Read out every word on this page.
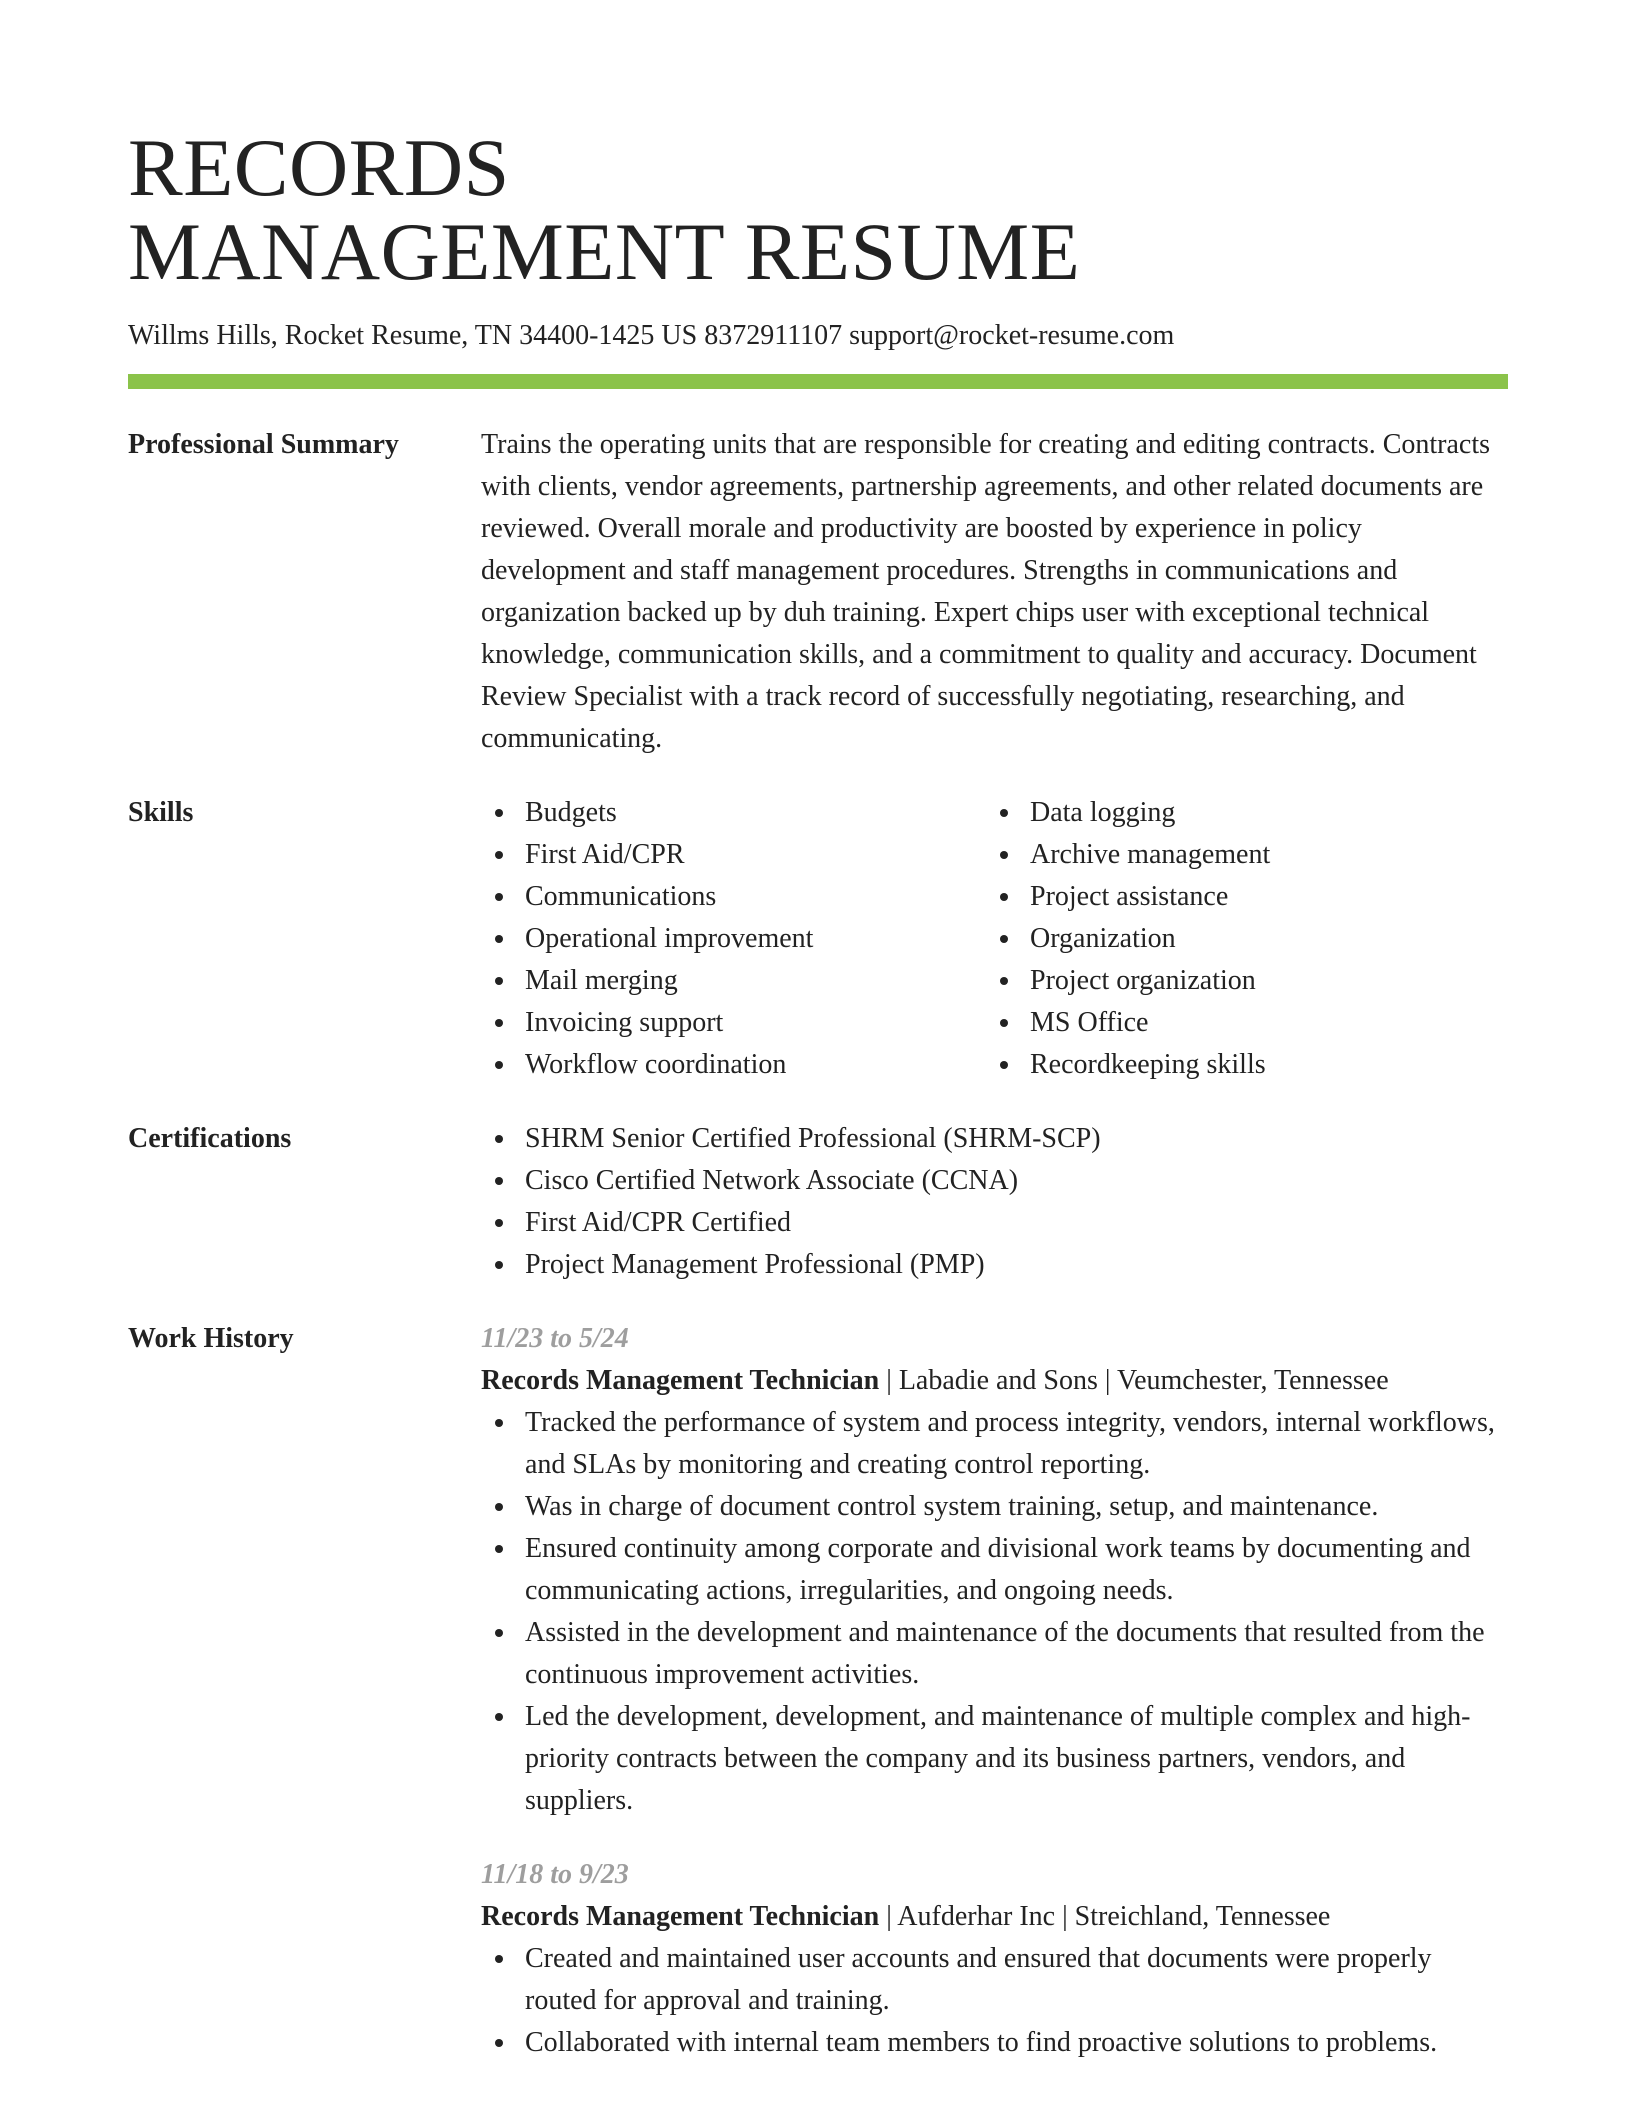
RECORDS
MANAGEMENT RESUME
Willms Hills, Rocket Resume, TN 34400-1425 US 8372911107 support@rocket-resume.com
Professional Summary	Trains the operating units that are responsible for creating and editing contracts. Contracts with clients, vendor agreements, partnership agreements, and other related documents are reviewed. Overall morale and productivity are boosted by experience in policy development and staff management procedures. Strengths in communications and organization backed up by duh training. Expert chips user with exceptional technical knowledge, communication skills, and a commitment to quality and accuracy. Document Review Specialist with a track record of successfully negotiating, researching, and communicating.
Skills	Budgets
First Aid/CPR
Communications
Operational improvement
Mail merging
Invoicing support
Workflow coordination
Data logging
Archive management
Project assistance
Organization
Project organization
MS Office
Recordkeeping skills
Certifications	SHRM Senior Certified Professional (SHRM-SCP)
Cisco Certified Network Associate (CCNA)
First Aid/CPR Certified
Project Management Professional (PMP)
Work History	11/23 to 5/24
Records Management Technician | Labadie and Sons | Veumchester, Tennessee
Tracked the performance of system and process integrity, vendors, internal workflows, and SLAs by monitoring and creating control reporting.
Was in charge of document control system training, setup, and maintenance.
Ensured continuity among corporate and divisional work teams by documenting and communicating actions, irregularities, and ongoing needs.
Assisted in the development and maintenance of the documents that resulted from the continuous improvement activities.
Led the development, development, and maintenance of multiple complex and high-priority contracts between the company and its business partners, vendors, and suppliers.
11/18 to 9/23
Records Management Technician | Aufderhar Inc | Streichland, Tennessee
Created and maintained user accounts and ensured that documents were properly routed for approval and training.
Collaborated with internal team members to find proactive solutions to problems.
